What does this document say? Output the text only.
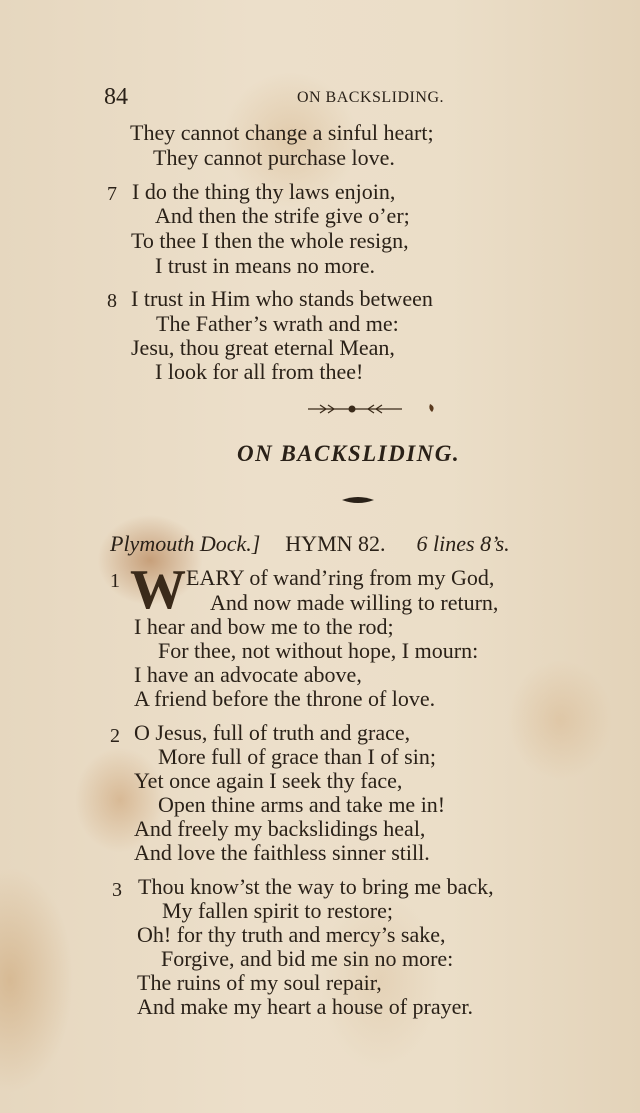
84	ON BACKSLIDING.
They cannot change a sinful heart;
They cannot purchase love.
7 I do the thing thy laws enjoin,
And then the strife give o’er;
To thee I then the whole resign,
I trust in means no more.
8 I trust in Him who stands between
The Father’s wrath and me:
Jesu, thou great eternal Mean,
I look for all from thee!
ON BACKSLIDING.
Plymouth Dock.] HYMN 82. 6 lines 8’s.
1 W EARY of wand’ring from my God,
And now made willing to return,
I hear and bow me to the rod;
For thee, not without hope, I mourn:
I have an advocate above,
A friend before the throne of love.
2 O Jesus, full of truth and grace,
More full of grace than I of sin;
Yet once again I seek thy face,
Open thine arms and take me in!
And freely my backslidings heal,
And love the faithless sinner still.
3 Thou know’st the way to bring me back,
My fallen spirit to restore;
Oh! for thy truth and mercy’s sake,
Forgive, and bid me sin no more:
The ruins of my soul repair,
And make my heart a house of prayer.
